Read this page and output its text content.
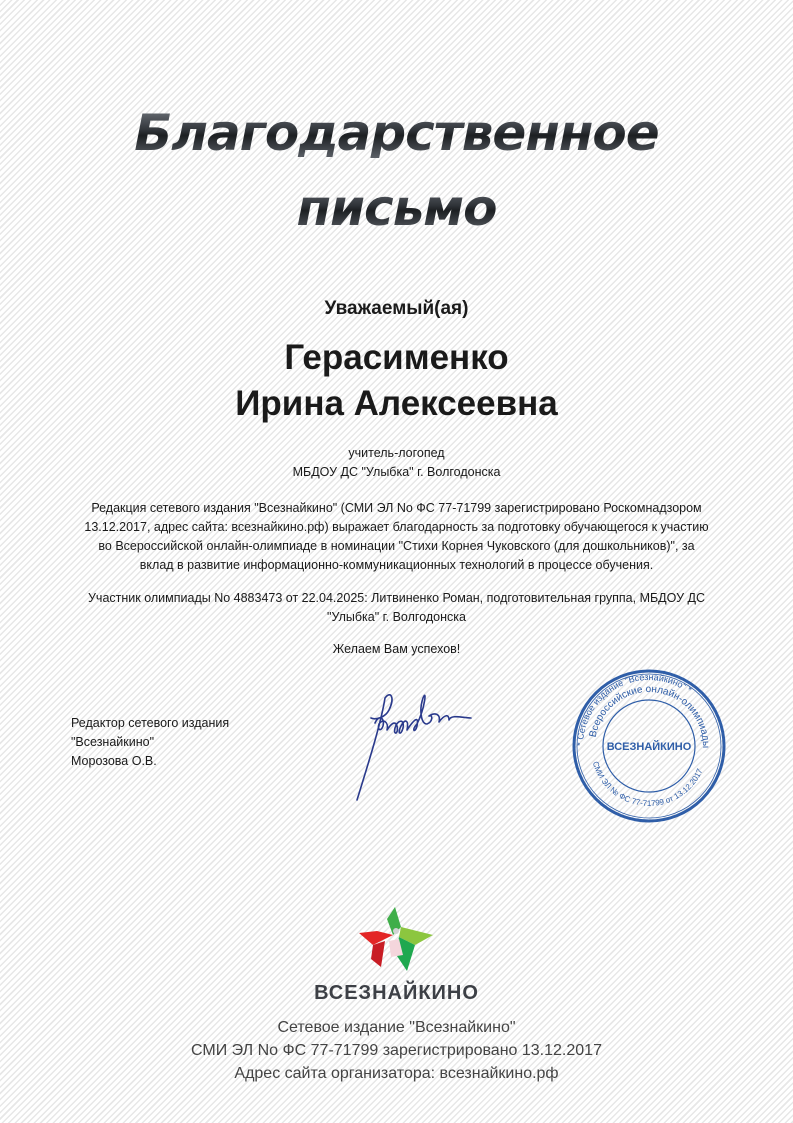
Благодарственное
письмо
Уважаемый(ая)
Герасименко
Ирина Алексеевна
учитель-логопед
МБДОУ ДС "Улыбка" г. Волгодонска
Редакция сетевого издания "Всезнайкино" (СМИ ЭЛ No ФС 77-71799 зарегистрировано Роскомнадзором
13.12.2017, адрес сайта: всезнайкино.рф) выражает благодарность за подготовку обучающегося к участию
во Всероссийской онлайн-олимпиаде в номинации "Стихи Корнея Чуковского (для дошкольников)", за
вклад в развитие информационно-коммуникационных технологий в процессе обучения.
Участник олимпиады No 4883473 от 22.04.2025: Литвиненко Роман, подготовительная группа, МБДОУ ДС
"Улыбка" г. Волгодонска
Желаем Вам успехов!
Редактор сетевого издания
"Всезнайкино"
Морозова О.В.
* Сетевое издание "Всезнайкино" *
Всероссийские онлайн-олимпиады
СМИ ЭЛ № ФС 77-71799 от 13.12.2017
ВСЕЗНАЙКИНО
ВСЕЗНАЙКИНО
Сетевое издание "Всезнайкино"
СМИ ЭЛ No ФС 77-71799 зарегистрировано 13.12.2017
Адрес сайта организатора: всезнайкино.рф
